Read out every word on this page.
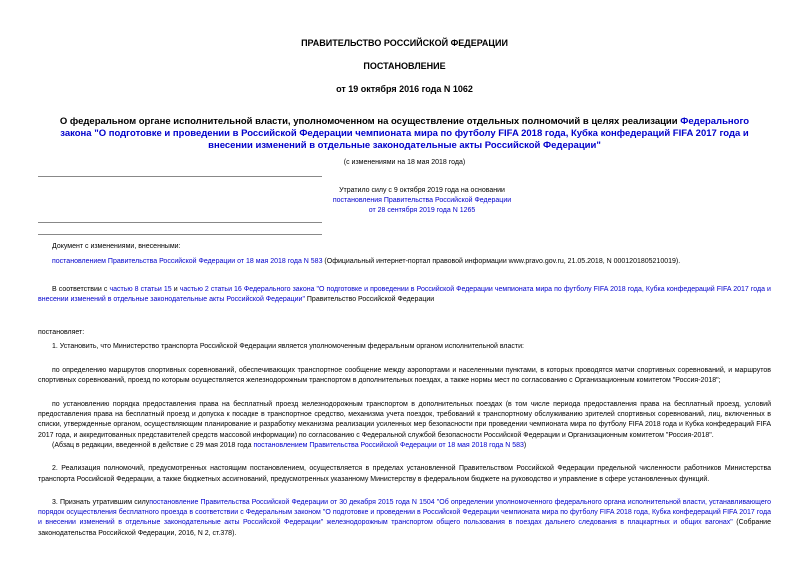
ПРАВИТЕЛЬСТВО РОССИЙСКОЙ ФЕДЕРАЦИИ
ПОСТАНОВЛЕНИЕ
от 19 октября 2016 года N 1062
О федеральном органе исполнительной власти, уполномоченном на осуществление отдельных полномочий в целях реализации Федерального закона "О подготовке и проведении в Российской Федерации чемпионата мира по футболу FIFA 2018 года, Кубка конфедераций FIFA 2017 года и внесении изменений в отдельные законодательные акты Российской Федерации"
(с изменениями на 18 мая 2018 года)
Утратило силу с 9 октября 2019 года на основании
постановления Правительства Российской Федерации
от 28 сентября 2019 года N 1265
Документ с изменениями, внесенными:
постановлением Правительства Российской Федерации от 18 мая 2018 года N 583 (Официальный интернет-портал правовой информации www.pravo.gov.ru, 21.05.2018, N 0001201805210019).
В соответствии с частью 8 статьи 15 и частью 2 статьи 16 Федерального закона "О подготовке и проведении в Российской Федерации чемпионата мира по футболу FIFA 2018 года, Кубка конфедераций FIFA 2017 года и внесении изменений в отдельные законодательные акты Российской Федерации" Правительство Российской Федерации
постановляет:
1. Установить, что Министерство транспорта Российской Федерации является уполномоченным федеральным органом исполнительной власти:
по определению маршрутов спортивных соревнований, обеспечивающих транспортное сообщение между аэропортами и населенными пунктами, в которых проводятся матчи спортивных соревнований, и маршрутов спортивных соревнований, проезд по которым осуществляется железнодорожным транспортом в дополнительных поездах, а также нормы мест по согласованию с Организационным комитетом "Россия-2018";
по установлению порядка предоставления права на бесплатный проезд железнодорожным транспортом в дополнительных поездах (в том числе периода предоставления права на бесплатный проезд, условий предоставления права на бесплатный проезд и допуска к посадке в транспортное средство, механизма учета поездок, требований к транспортному обслуживанию зрителей спортивных соревнований, лиц, включенных в списки, утвержденные органом, осуществляющим планирование и разработку механизма реализации усиленных мер безопасности при проведении чемпионата мира по футболу FIFA 2018 года и Кубка конфедераций FIFA 2017 года, и аккредитованных представителей средств массовой информации) по согласованию с Федеральной службой безопасности Российской Федерации и Организационным комитетом "Россия-2018".
(Абзац в редакции, введенной в действие с 29 мая 2018 года постановлением Правительства Российской Федерации от 18 мая 2018 года N 583)
2. Реализация полномочий, предусмотренных настоящим постановлением, осуществляется в пределах установленной Правительством Российской Федерации предельной численности работников Министерства транспорта Российской Федерации, а также бюджетных ассигнований, предусмотренных указанному Министерству в федеральном бюджете на руководство и управление в сфере установленных функций.
3. Признать утратившим силупостановление Правительства Российской Федерации от 30 декабря 2015 года N 1504 "Об определении уполномоченного федерального органа исполнительной власти, устанавливающего порядок осуществления бесплатного проезда в соответствии с Федеральным законом "О подготовке и проведении в Российской Федерации чемпионата мира по футболу FIFA 2018 года, Кубка конфедераций FIFA 2017 года и внесении изменений в отдельные законодательные акты Российской Федерации" железнодорожным транспортом общего пользования в поездах дальнего следования в плацкартных и общих вагонах" (Собрание законодательства Российской Федерации, 2016, N 2, ст.378).
